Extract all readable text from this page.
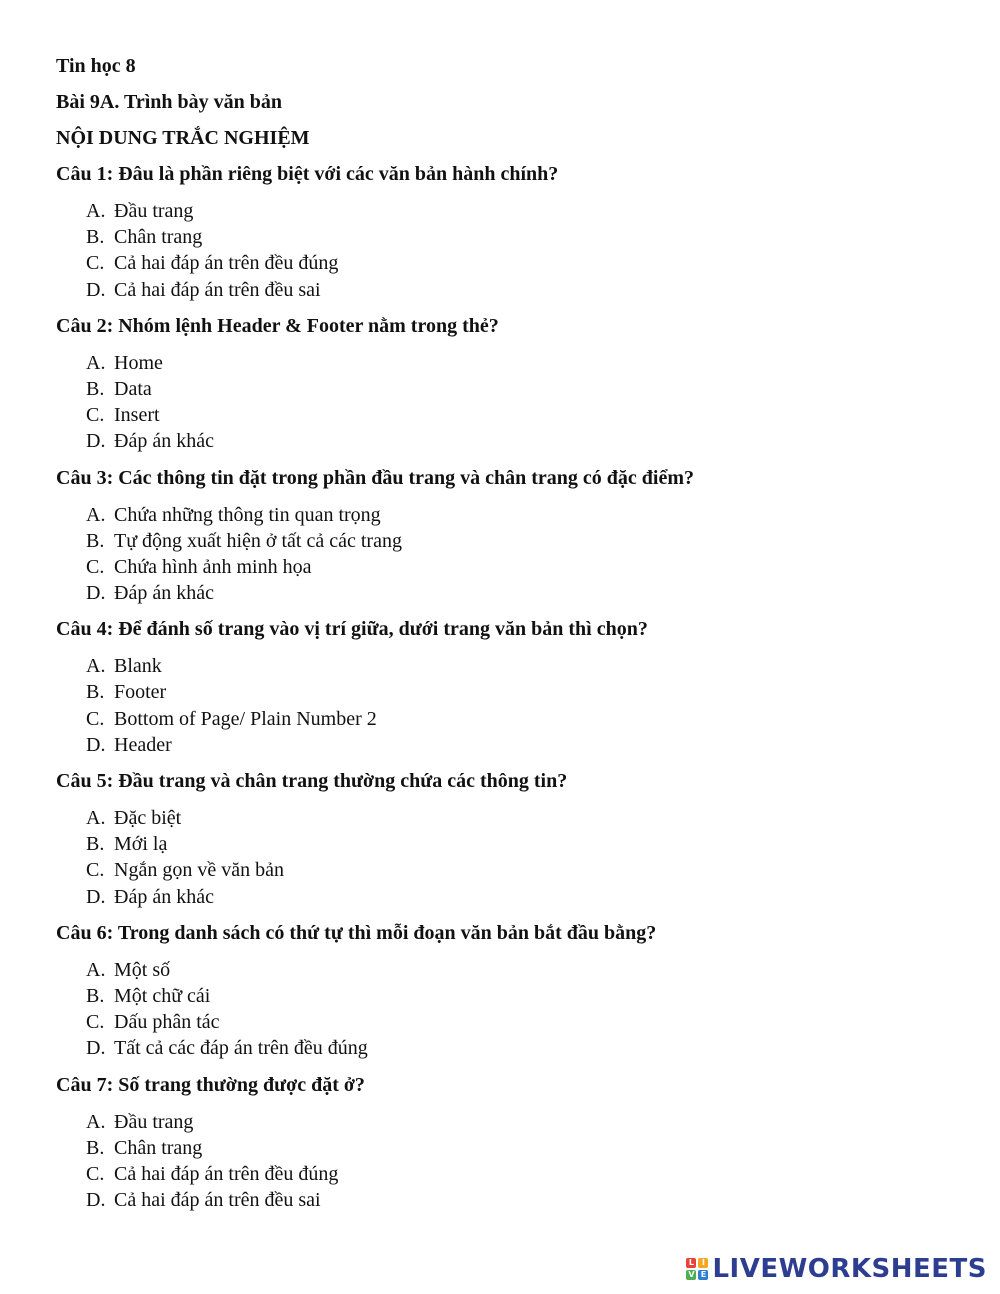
Tin học 8
Bài 9A. Trình bày văn bản
NỘI DUNG TRẮC NGHIỆM
Câu 1: Đâu là phần riêng biệt với các văn bản hành chính?
A. Đầu trang
B. Chân trang
C. Cả hai đáp án trên đều đúng
D. Cả hai đáp án trên đều sai
Câu 2: Nhóm lệnh Header & Footer nằm trong thẻ?
A. Home
B. Data
C. Insert
D. Đáp án khác
Câu 3: Các thông tin đặt trong phần đầu trang và chân trang có đặc điểm?
A. Chứa những thông tin quan trọng
B. Tự động xuất hiện ở tất cả các trang
C. Chứa hình ảnh minh họa
D. Đáp án khác
Câu 4: Để đánh số trang vào vị trí giữa, dưới trang văn bản thì chọn?
A. Blank
B. Footer
C. Bottom of Page/ Plain Number 2
D. Header
Câu 5: Đầu trang và chân trang thường chứa các thông tin?
A. Đặc biệt
B. Mới lạ
C. Ngắn gọn về văn bản
D. Đáp án khác
Câu 6: Trong danh sách có thứ tự thì mỗi đoạn văn bản bắt đầu bằng?
A. Một số
B. Một chữ cái
C. Dấu phân tác
D. Tất cả các đáp án trên đều đúng
Câu 7: Số trang thường được đặt ở?
A. Đầu trang
B. Chân trang
C. Cả hai đáp án trên đều đúng
D. Cả hai đáp án trên đều sai
L I
V E LIVEWORKSHEETS
